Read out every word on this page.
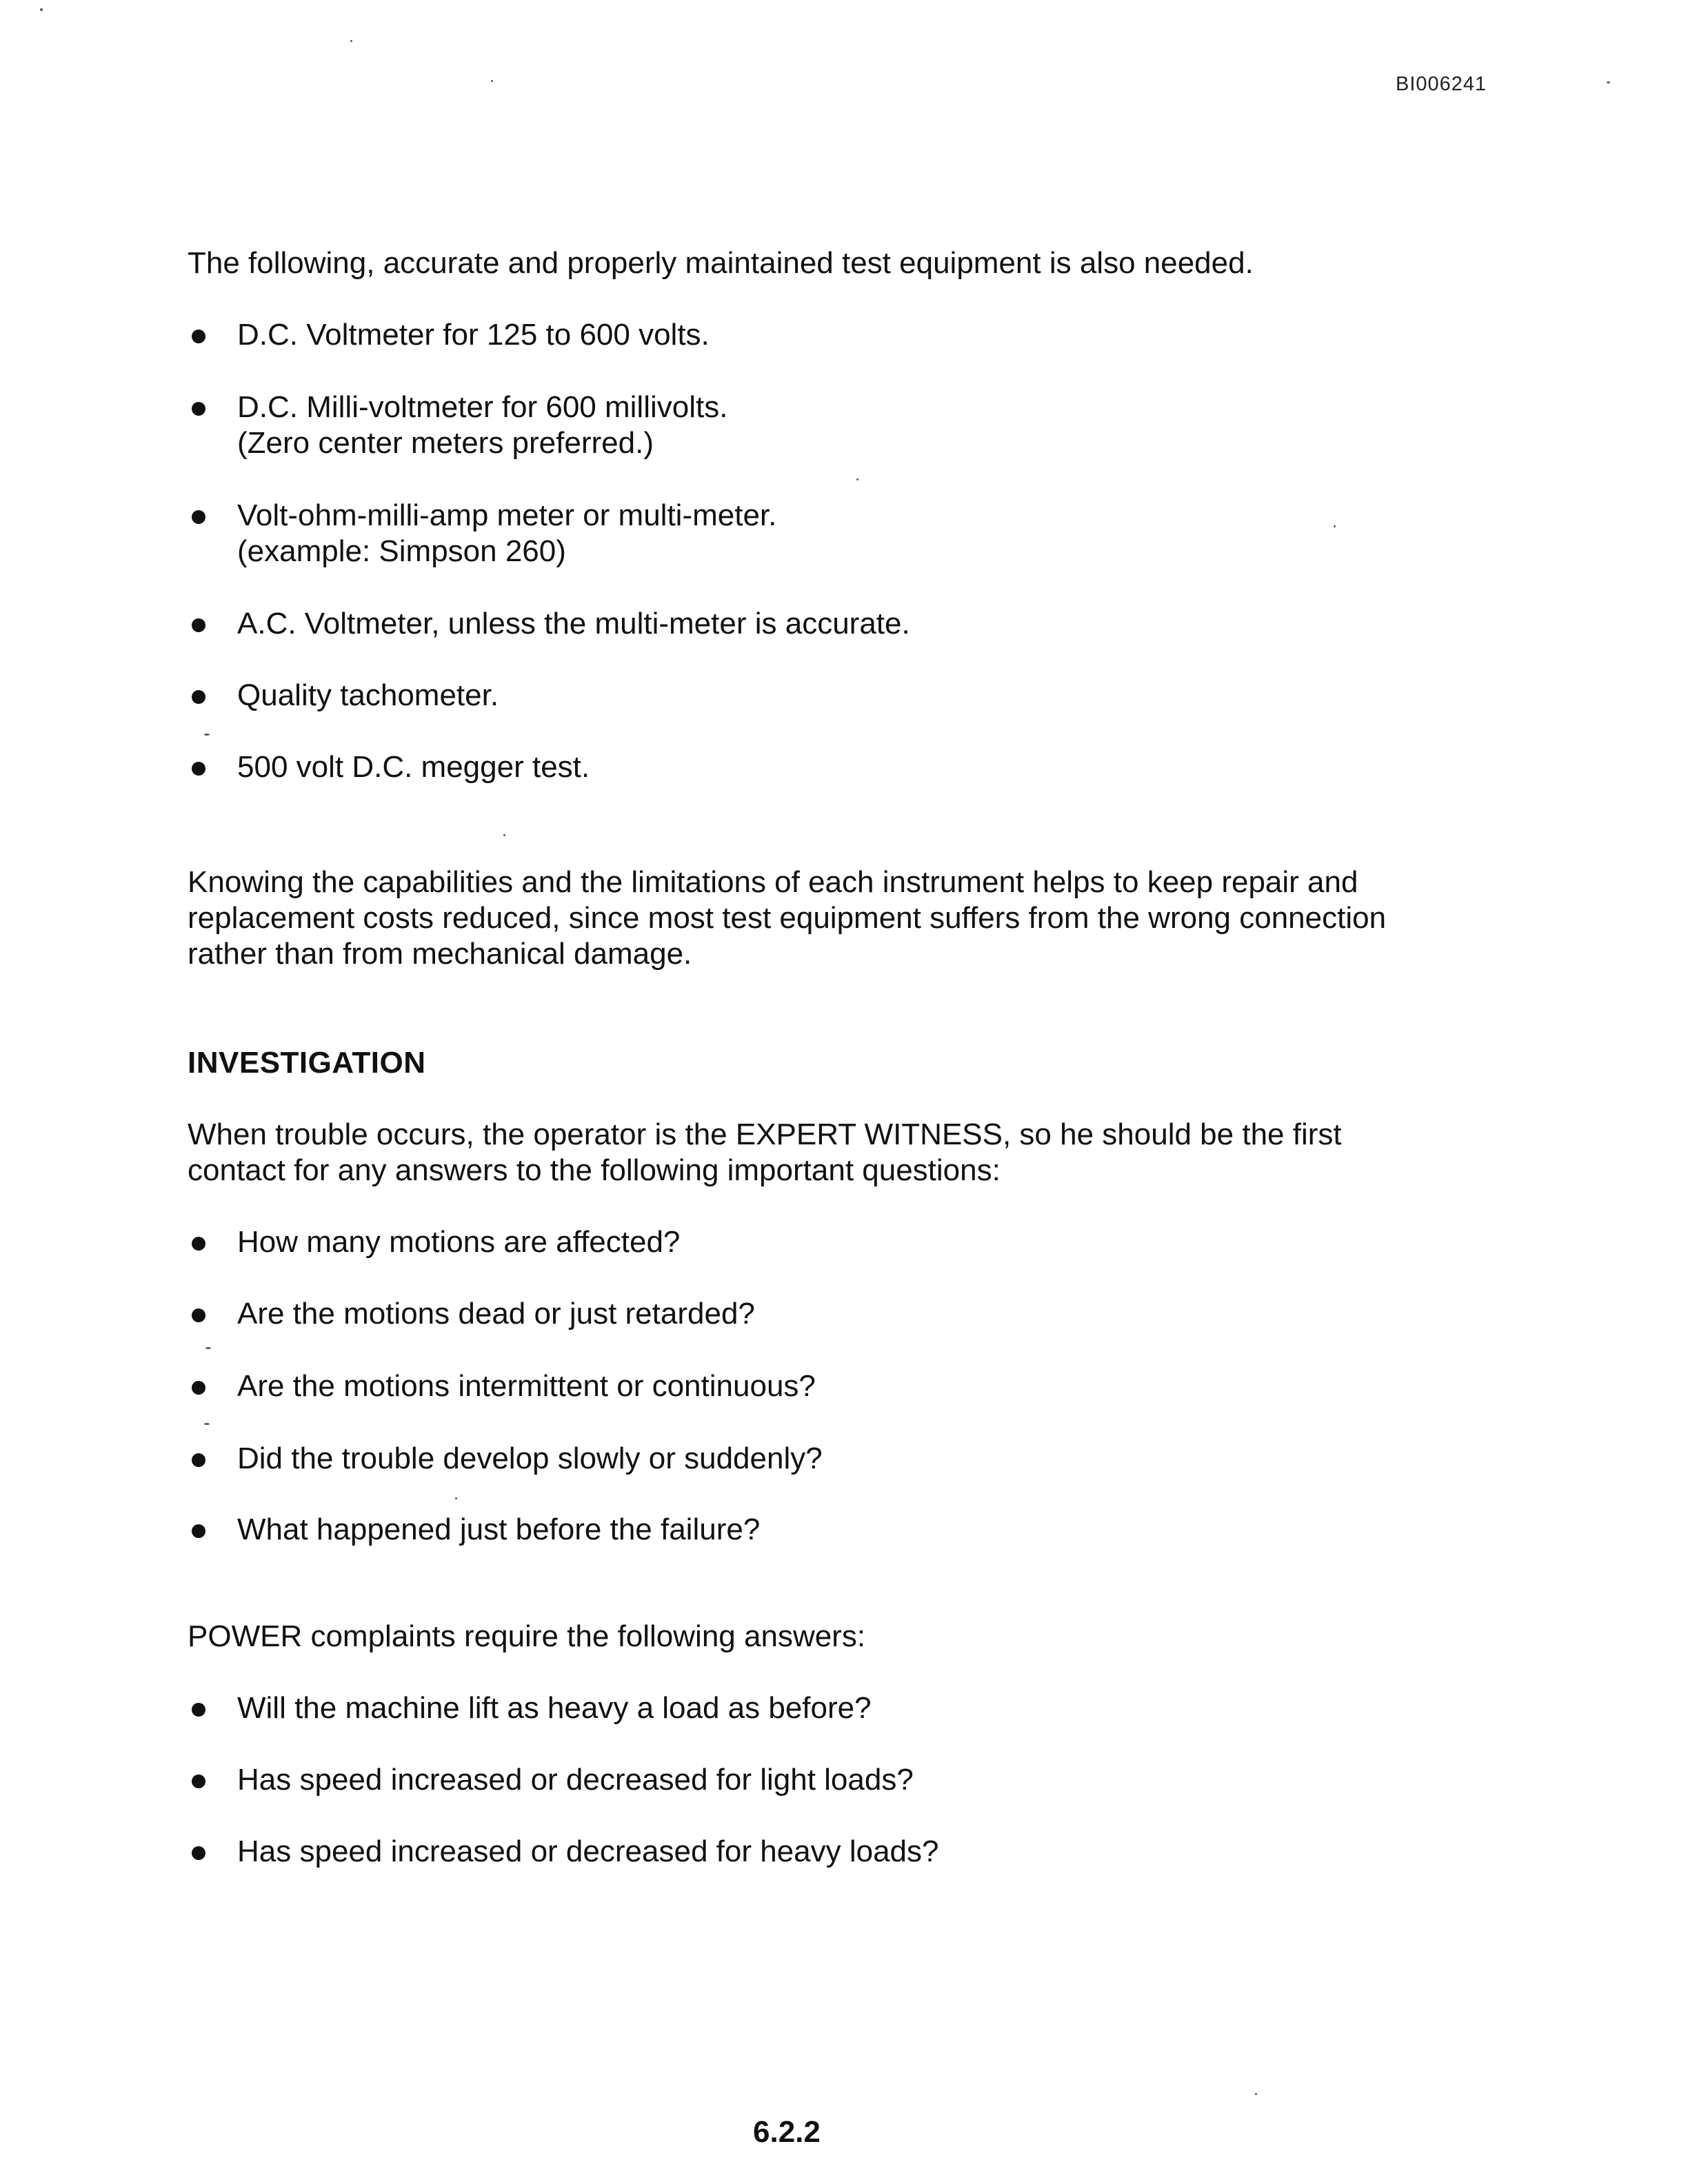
BI006241
The following, accurate and properly maintained test equipment is also needed.
D.C. Voltmeter for 125 to 600 volts.
D.C. Milli-voltmeter for 600 millivolts.
(Zero center meters preferred.)
Volt-ohm-milli-amp meter or multi-meter.
(example: Simpson 260)
A.C. Voltmeter, unless the multi-meter is accurate.
Quality tachometer.
500 volt D.C. megger test.
Knowing the capabilities and the limitations of each instrument helps to keep repair and
replacement costs reduced, since most test equipment suffers from the wrong connection
rather than from mechanical damage.
INVESTIGATION
When trouble occurs, the operator is the EXPERT WITNESS, so he should be the first
contact for any answers to the following important questions:
How many motions are affected?
Are the motions dead or just retarded?
Are the motions intermittent or continuous?
Did the trouble develop slowly or suddenly?
What happened just before the failure?
POWER complaints require the following answers:
Will the machine lift as heavy a load as before?
Has speed increased or decreased for light loads?
Has speed increased or decreased for heavy loads?
6.2.2
